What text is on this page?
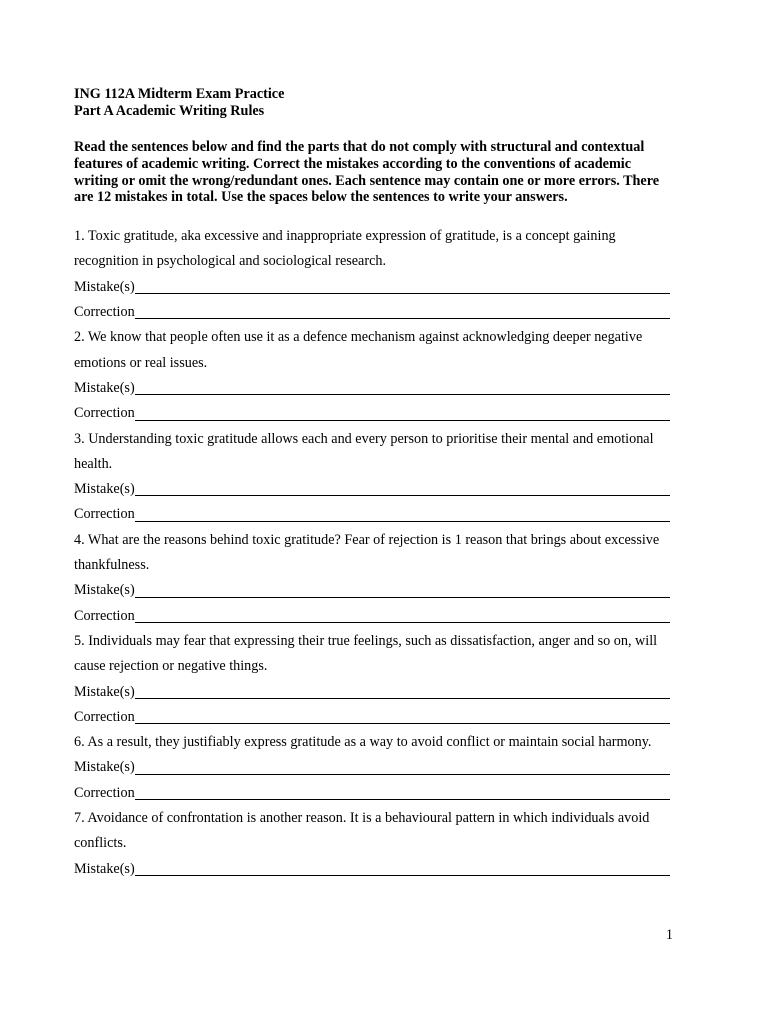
ING 112A Midterm Exam Practice
Part A Academic Writing Rules
Read the sentences below and find the parts that do not comply with structural and contextual features of academic writing. Correct the mistakes according to the conventions of academic writing or omit the wrong/redundant ones. Each sentence may contain one or more errors. There are 12 mistakes in total. Use the spaces below the sentences to write your answers.
1. Toxic gratitude, aka excessive and inappropriate expression of gratitude, is a concept gaining recognition in psychological and sociological research.
Mistake(s)
Correction
2. We know that people often use it as a defence mechanism against acknowledging deeper negative emotions or real issues.
Mistake(s)
Correction
3. Understanding toxic gratitude allows each and every person to prioritise their mental and emotional health.
Mistake(s)
Correction
4. What are the reasons behind toxic gratitude? Fear of rejection is 1 reason that brings about excessive thankfulness.
Mistake(s)
Correction
5. Individuals may fear that expressing their true feelings, such as dissatisfaction, anger and so on, will cause rejection or negative things.
Mistake(s)
Correction
6. As a result, they justifiably express gratitude as a way to avoid conflict or maintain social harmony.
Mistake(s)
Correction
7. Avoidance of confrontation is another reason. It is a behavioural pattern in which individuals avoid conflicts.
Mistake(s)
1
